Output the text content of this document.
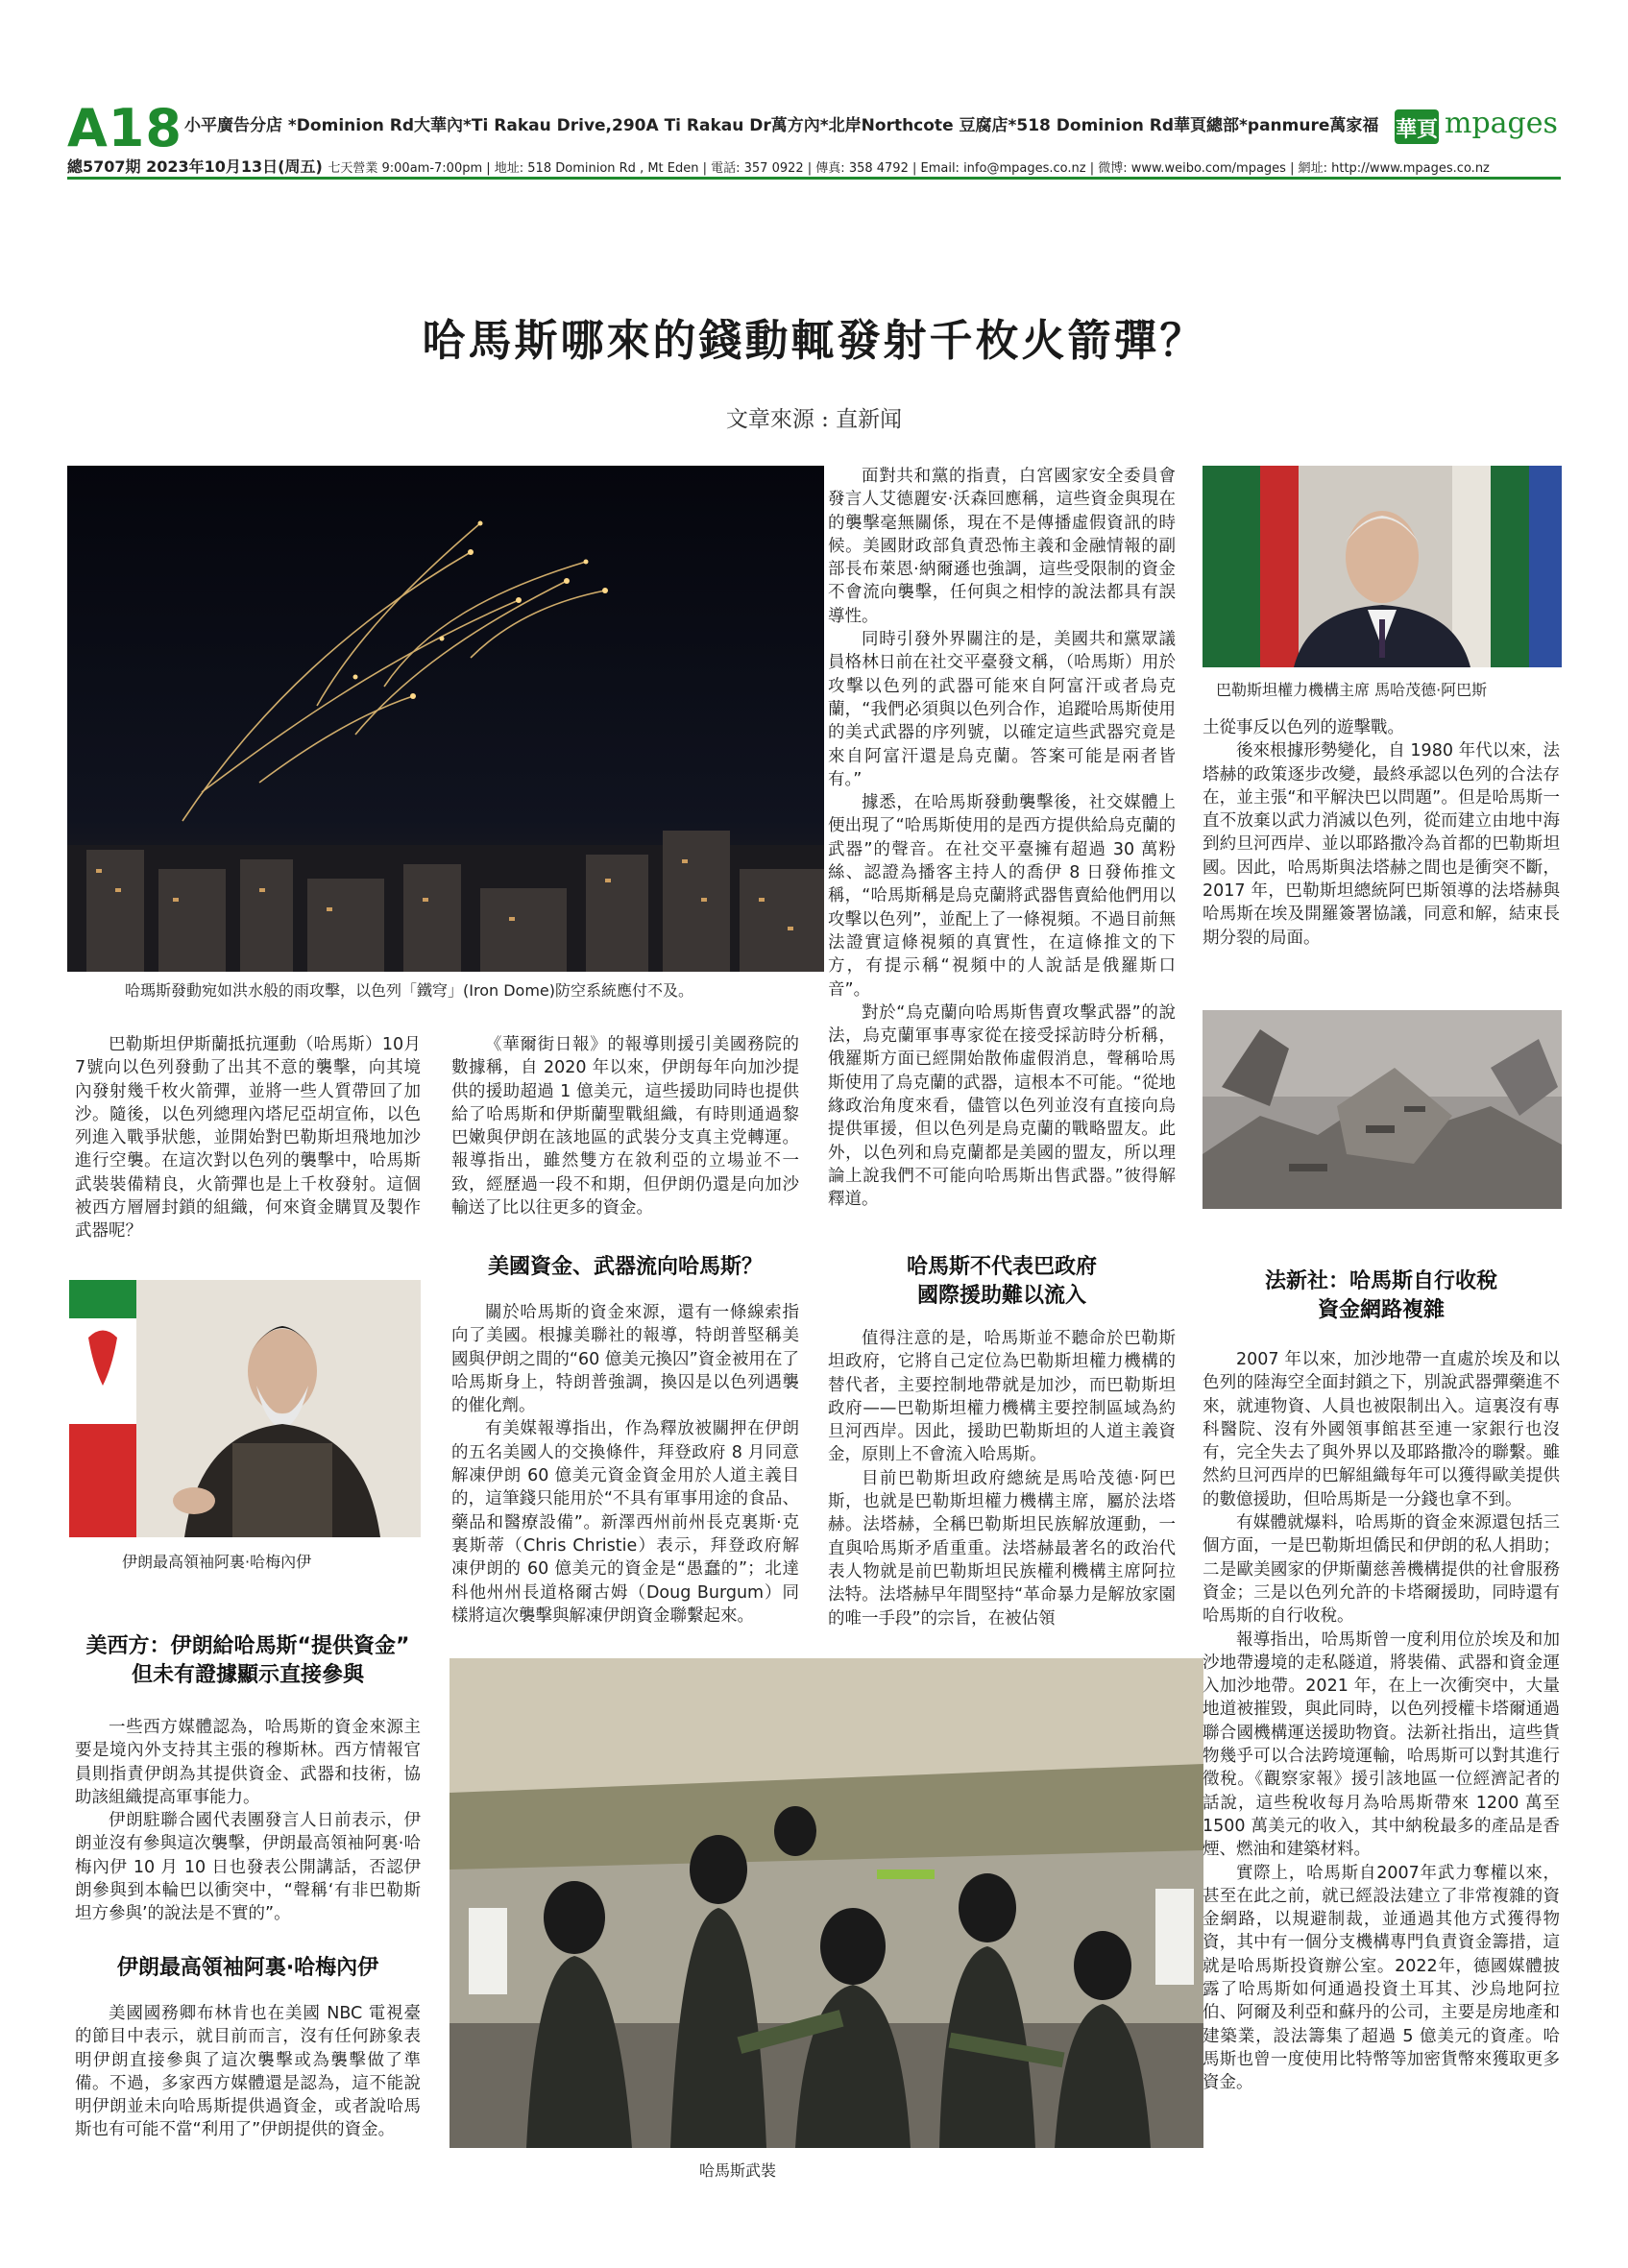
A18 小平廣告分店 *Dominion Rd大華內*Ti Rakau Drive,290A Ti Rakau Dr萬方內*北岸Northcote 豆腐店*518 Dominion Rd華頁總部*panmure萬家福
總5707期 2023年10月13日(周五) 七天營業 9:00am-7:00pm | 地址: 518 Dominion Rd , Mt Eden | 電話: 357 0922 | 傳真: 358 4792 | Email: info@mpages.co.nz | 微博: www.weibo.com/mpages | 網址: http://www.mpages.co.nz
華頁 mpages
哈馬斯哪來的錢動輒發射千枚火箭彈？
文章來源 : 直新闻
哈瑪斯發動宛如洪水般的雨攻擊，以色列「鐵穹」(Iron Dome)防空系統應付不及。
巴勒斯坦權力機構主席 馬哈茂德·阿巴斯
伊朗最高領袖阿裏·哈梅內伊
哈馬斯武裝

巴勒斯坦伊斯蘭抵抗運動（哈馬斯）10月7號向以色列發動了出其不意的襲擊，向其境內發射幾千枚火箭彈，並將一些人質帶回了加沙。隨後，以色列總理內塔尼亞胡宣佈，以色列進入戰爭狀態，並開始對巴勒斯坦飛地加沙進行空襲。在這次對以色列的襲擊中，哈馬斯武裝裝備精良，火箭彈也是上千枚發射。這個被西方層層封鎖的組織，何來資金購買及製作武器呢？

美西方：伊朗給哈馬斯“提供資金”
但未有證據顯示直接參與

一些西方媒體認為，哈馬斯的資金來源主要是境內外支持其主張的穆斯林。西方情報官員則指責伊朗為其提供資金、武器和技術，協助該組織提高軍事能力。

伊朗駐聯合國代表團發言人日前表示，伊朗並沒有參與這次襲擊，伊朗最高領袖阿裏·哈梅內伊 10 月 10 日也發表公開講話，否認伊朗參與到本輪巴以衝突中，“聲稱‘有非巴勒斯坦方參與’的說法是不實的”。

伊朗最高領袖阿裏·哈梅內伊

美國國務卿布林肯也在美國 NBC 電視臺的節目中表示，就目前而言，沒有任何跡象表明伊朗直接參與了這次襲擊或為襲擊做了準備。不過，多家西方媒體還是認為，這不能說明伊朗並未向哈馬斯提供過資金，或者說哈馬斯也有可能不當“利用了”伊朗提供的資金。

《華爾街日報》的報導則援引美國務院的數據稱，自 2020 年以來，伊朗每年向加沙提供的援助超過 1 億美元，這些援助同時也提供給了哈馬斯和伊斯蘭聖戰組織，有時則通過黎巴嫩與伊朗在該地區的武裝分支真主党轉運。報導指出，雖然雙方在敘利亞的立場並不一致，經歷過一段不和期，但伊朗仍還是向加沙輸送了比以往更多的資金。

美國資金、武器流向哈馬斯？

關於哈馬斯的資金來源，還有一條線索指向了美國。根據美聯社的報導，特朗普堅稱美國與伊朗之間的“60 億美元換囚”資金被用在了哈馬斯身上，特朗普強調，換囚是以色列遇襲的催化劑。

有美媒報導指出，作為釋放被關押在伊朗的五名美國人的交換條件，拜登政府 8 月同意解凍伊朗 60 億美元資金資金用於人道主義目的，這筆錢只能用於“不具有軍事用途的食品、藥品和醫療設備”。新澤西州前州長克裏斯·克裏斯蒂（Chris Christie）表示，拜登政府解凍伊朗的 60 億美元的資金是“愚蠢的”；北達科他州州長道格爾古姆（Doug Burgum）同樣將這次襲擊與解凍伊朗資金聯繫起來。

面對共和黨的指責，白宮國家安全委員會發言人艾德麗安·沃森回應稱，這些資金與現在的襲擊毫無關係，現在不是傳播虛假資訊的時候。美國財政部負責恐怖主義和金融情報的副部長布萊恩·納爾遜也強調，這些受限制的資金不會流向襲擊，任何與之相悖的說法都具有誤導性。

同時引發外界關注的是，美國共和黨眾議員格林日前在社交平臺發文稱，（哈馬斯）用於攻擊以色列的武器可能來自阿富汗或者烏克蘭，“我們必須與以色列合作，追蹤哈馬斯使用的美式武器的序列號，以確定這些武器究竟是來自阿富汗還是烏克蘭。答案可能是兩者皆有。”

據悉，在哈馬斯發動襲擊後，社交媒體上便出現了“哈馬斯使用的是西方提供給烏克蘭的武器”的聲音。在社交平臺擁有超過 30 萬粉絲、認證為播客主持人的喬伊 8 日發佈推文稱，“哈馬斯稱是烏克蘭將武器售賣給他們用以攻擊以色列”，並配上了一條視頻。不過目前無法證實這條視頻的真實性，在這條推文的下方，有提示稱“視頻中的人說話是俄羅斯口音”。

對於“烏克蘭向哈馬斯售賣攻擊武器”的說法，烏克蘭軍事專家從在接受採訪時分析稱，俄羅斯方面已經開始散佈虛假消息，聲稱哈馬斯使用了烏克蘭的武器，這根本不可能。“從地緣政治角度來看，儘管以色列並沒有直接向烏提供軍援，但以色列是烏克蘭的戰略盟友。此外，以色列和烏克蘭都是美國的盟友，所以理論上說我們不可能向哈馬斯出售武器。”彼得解釋道。

哈馬斯不代表巴政府
國際援助難以流入

值得注意的是，哈馬斯並不聽命於巴勒斯坦政府，它將自己定位為巴勒斯坦權力機構的替代者，主要控制地帶就是加沙，而巴勒斯坦政府——巴勒斯坦權力機構主要控制區域為約旦河西岸。因此，援助巴勒斯坦的人道主義資金，原則上不會流入哈馬斯。

目前巴勒斯坦政府總統是馬哈茂德·阿巴斯，也就是巴勒斯坦權力機構主席，屬於法塔赫。法塔赫，全稱巴勒斯坦民族解放運動，一直與哈馬斯矛盾重重。法塔赫最著名的政治代表人物就是前巴勒斯坦民族權利機構主席阿拉法特。法塔赫早年間堅持“革命暴力是解放家園的唯一手段”的宗旨，在被佔領

土從事反以色列的遊擊戰。

後來根據形勢變化，自 1980 年代以來，法塔赫的政策逐步改變，最終承認以色列的合法存在，並主張“和平解決巴以問題”。但是哈馬斯一直不放棄以武力消滅以色列，從而建立由地中海到約旦河西岸、並以耶路撒冷為首都的巴勒斯坦國。因此，哈馬斯與法塔赫之間也是衝突不斷，2017 年，巴勒斯坦總統阿巴斯領導的法塔赫與哈馬斯在埃及開羅簽署協議，同意和解，結束長期分裂的局面。

法新社：哈馬斯自行收稅
資金網路複雜

2007 年以來，加沙地帶一直處於埃及和以色列的陸海空全面封鎖之下，別說武器彈藥進不來，就連物資、人員也被限制出入。這裏沒有專科醫院、沒有外國領事館甚至連一家銀行也沒有，完全失去了與外界以及耶路撒冷的聯繫。雖然約旦河西岸的巴解組織每年可以獲得歐美提供的數億援助，但哈馬斯是一分錢也拿不到。

有媒體就爆料，哈馬斯的資金來源還包括三個方面，一是巴勒斯坦僑民和伊朗的私人捐助；二是歐美國家的伊斯蘭慈善機構提供的社會服務資金；三是以色列允許的卡塔爾援助，同時還有哈馬斯的自行收稅。

報導指出，哈馬斯曾一度利用位於埃及和加沙地帶邊境的走私隧道，將裝備、武器和資金運入加沙地帶。2021 年，在上一次衝突中，大量地道被摧毀，與此同時，以色列授權卡塔爾通過聯合國機構運送援助物資。法新社指出，這些貨物幾乎可以合法跨境運輸，哈馬斯可以對其進行徵稅。《觀察家報》援引該地區一位經濟記者的話說，這些稅收每月為哈馬斯帶來 1200 萬至 1500 萬美元的收入，其中納稅最多的產品是香煙、燃油和建築材料。

實際上，哈馬斯自2007年武力奪權以來，甚至在此之前，就已經設法建立了非常複雜的資金網路，以規避制裁，並通過其他方式獲得物資，其中有一個分支機構專門負責資金籌措，這就是哈馬斯投資辦公室。2022年，德國媒體披露了哈馬斯如何通過投資土耳其、沙烏地阿拉伯、阿爾及利亞和蘇丹的公司，主要是房地產和建築業，設法籌集了超過 5 億美元的資產。哈馬斯也曾一度使用比特幣等加密貨幣來獲取更多資金。
